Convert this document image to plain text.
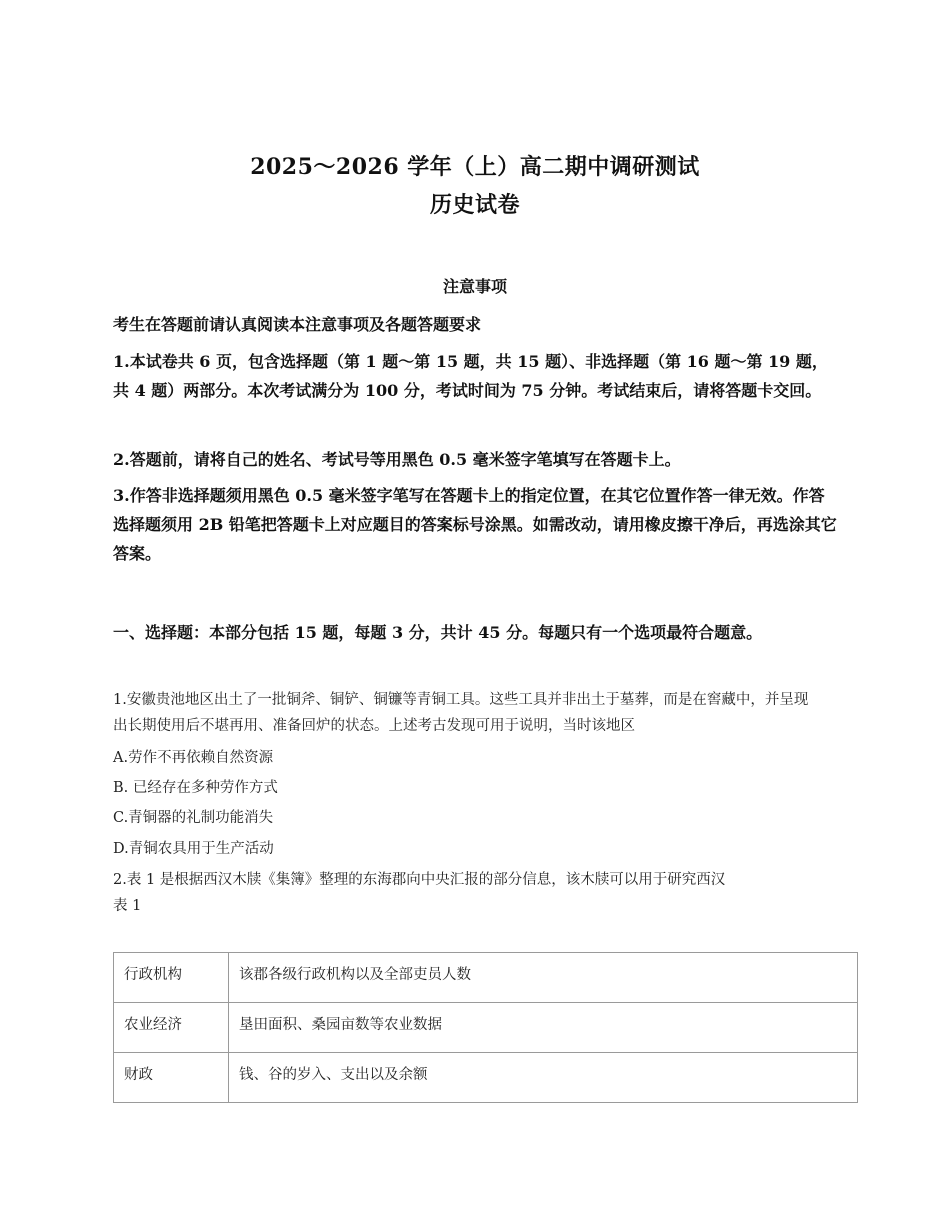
2025～2026 学年（上）高二期中调研测试
历史试卷
注意事项
考生在答题前请认真阅读本注意事项及各题答题要求
1.本试卷共 6 页，包含选择题（第 1 题～第 15 题，共 15 题）、非选择题（第 16 题～第 19 题，共 4 题）两部分。本次考试满分为 100 分，考试时间为 75 分钟。考试结束后，请将答题卡交回。
2.答题前，请将自己的姓名、考试号等用黑色 0.5 毫米签字笔填写在答题卡上。
3.作答非选择题须用黑色 0.5 毫米签字笔写在答题卡上的指定位置，在其它位置作答一律无效。作答选择题须用 2B 铅笔把答题卡上对应题目的答案标号涂黑。如需改动，请用橡皮擦干净后，再选涂其它答案。
一、选择题：本部分包括 15 题，每题 3 分，共计 45 分。每题只有一个选项最符合题意。
1.安徽贵池地区出土了一批铜斧、铜铲、铜镰等青铜工具。这些工具并非出土于墓葬，而是在窖藏中，并呈现出长期使用后不堪再用、准备回炉的状态。上述考古发现可用于说明，当时该地区
A.劳作不再依赖自然资源
B. 已经存在多种劳作方式
C.青铜器的礼制功能消失
D.青铜农具用于生产活动
2.表 1 是根据西汉木牍《集簿》整理的东海郡向中央汇报的部分信息，该木牍可以用于研究西汉
表 1
行政机构	该郡各级行政机构以及全部吏员人数
农业经济	垦田面积、桑园亩数等农业数据
财政	钱、谷的岁入、支出以及余额
